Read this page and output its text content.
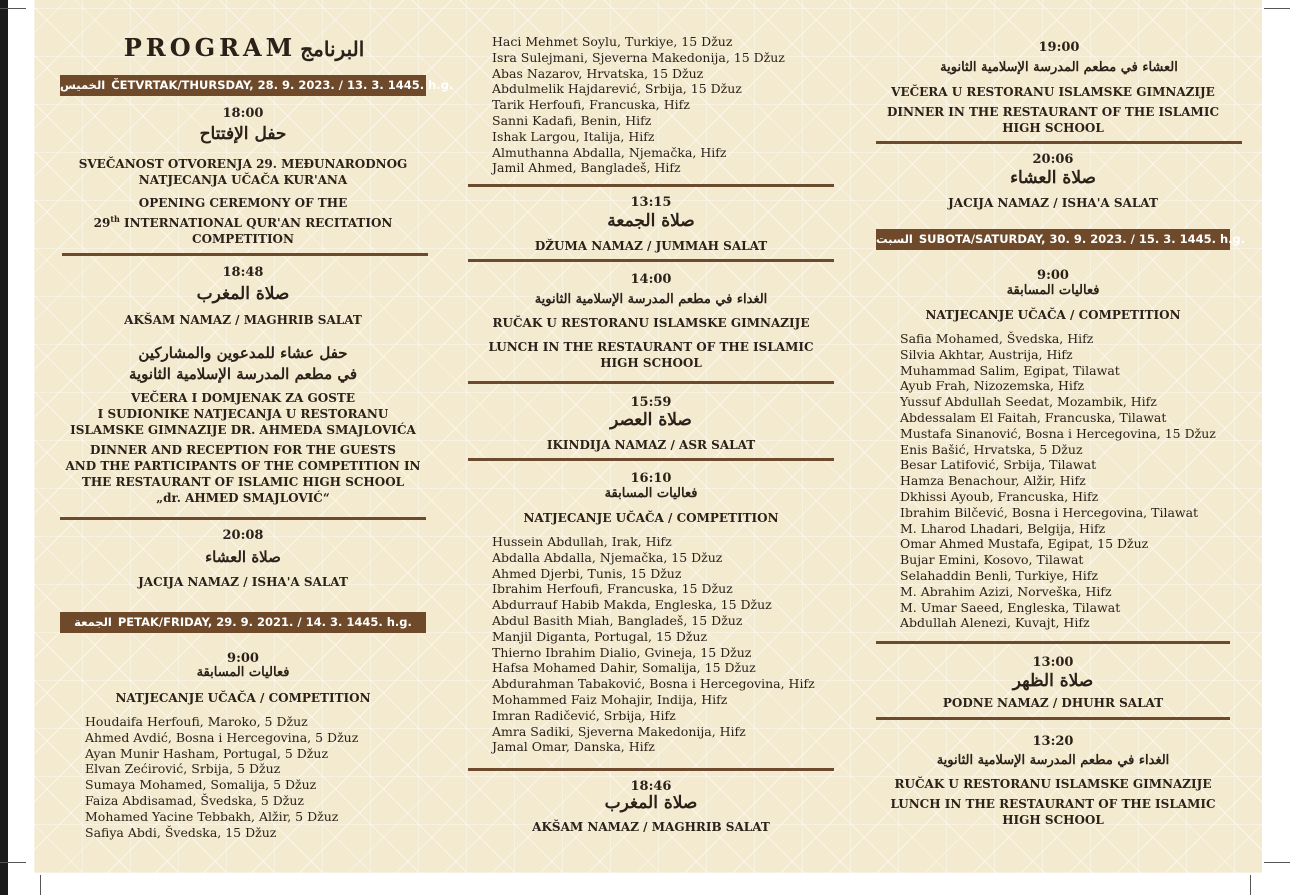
PROGRAM البرنامج
الخميس ČETVRTAK/THURSDAY, 28. 9. 2023. / 13. 3. 1445. h.g.
18:00
حفل الإفتتاح
SVEČANOST OTVORENJA 29. MEĐUNARODNOG
NATJECANJA UČAČA KUR'ANA
OPENING CEREMONY OF THE
29th INTERNATIONAL QUR'AN RECITATION
COMPETITION
18:48
صلاة المغرب
AKŠAM NAMAZ / MAGHRIB SALAT
حفل عشاء للمدعوين والمشاركين
في مطعم المدرسة الإسلامية الثانوية
VEČERA I DOMJENAK ZA GOSTE
I SUDIONIKE NATJECANJA U RESTORANU
ISLAMSKE GIMNAZIJE DR. AHMEDA SMAJLOVIĆA
DINNER AND RECEPTION FOR THE GUESTS
AND THE PARTICIPANTS OF THE COMPETITION IN
THE RESTAURANT OF ISLAMIC HIGH SCHOOL
„dr. AHMED SMAJLOVIĆ“
20:08
صلاة العشاء
JACIJA NAMAZ / ISHA'A SALAT
الجمعة PETAK/FRIDAY, 29. 9. 2021. / 14. 3. 1445. h.g.
9:00
فعاليات المسابقة
NATJECANJE UČAČA / COMPETITION
Houdaifa Herfoufi, Maroko, 5 Džuz
Ahmed Avdić, Bosna i Hercegovina, 5 Džuz
Ayan Munir Hasham, Portugal, 5 Džuz
Elvan Zećirović, Srbija, 5 Džuz
Sumaya Mohamed, Somalija, 5 Džuz
Faiza Abdisamad, Švedska, 5 Džuz
Mohamed Yacine Tebbakh, Alžir, 5 Džuz
Safiya Abdi, Švedska, 15 Džuz
Haci Mehmet Soylu, Turkiye, 15 Džuz
Isra Sulejmani, Sjeverna Makedonija, 15 Džuz
Abas Nazarov, Hrvatska, 15 Džuz
Abdulmelik Hajdarević, Srbija, 15 Džuz
Tarik Herfoufi, Francuska, Hifz
Sanni Kadafi, Benin, Hifz
Ishak Largou, Italija, Hifz
Almuthanna Abdalla, Njemačka, Hifz
Jamil Ahmed, Bangladeš, Hifz
13:15
صلاة الجمعة
DŽUMA NAMAZ / JUMMAH SALAT
14:00
الغداء في مطعم المدرسة الإسلامية الثانوية
RUČAK U RESTORANU ISLAMSKE GIMNAZIJE
LUNCH IN THE RESTAURANT OF THE ISLAMIC
HIGH SCHOOL
15:59
صلاة العصر
IKINDIJA NAMAZ / ASR SALAT
16:10
فعاليات المسابقة
NATJECANJE UČAČA / COMPETITION
Hussein Abdullah, Irak, Hifz
Abdalla Abdalla, Njemačka, 15 Džuz
Ahmed Djerbi, Tunis, 15 Džuz
Ibrahim Herfoufi, Francuska, 15 Džuz
Abdurrauf Habib Makda, Engleska, 15 Džuz
Abdul Basith Miah, Bangladeš, 15 Džuz
Manjil Diganta, Portugal, 15 Džuz
Thierno Ibrahim Dialio, Gvineja, 15 Džuz
Hafsa Mohamed Dahir, Somalija, 15 Džuz
Abdurahman Tabaković, Bosna i Hercegovina, Hifz
Mohammed Faiz Mohajir, Indija, Hifz
Imran Radičević, Srbija, Hifz
Amra Sadiki, Sjeverna Makedonija, Hifz
Jamal Omar, Danska, Hifz
18:46
صلاة المغرب
AKŠAM NAMAZ / MAGHRIB SALAT
19:00
العشاء في مطعم المدرسة الإسلامية الثانوية
VEČERA U RESTORANU ISLAMSKE GIMNAZIJE
DINNER IN THE RESTAURANT OF THE ISLAMIC
HIGH SCHOOL
20:06
صلاة العشاء
JACIJA NAMAZ / ISHA'A SALAT
السبت SUBOTA/SATURDAY, 30. 9. 2023. / 15. 3. 1445. h.g.
9:00
فعاليات المسابقة
NATJECANJE UČAČA / COMPETITION
Safia Mohamed, Švedska, Hifz
Silvia Akhtar, Austrija, Hifz
Muhammad Salim, Egipat, Tilawat
Ayub Frah, Nizozemska, Hifz
Yussuf Abdullah Seedat, Mozambik, Hifz
Abdessalam El Faitah, Francuska, Tilawat
Mustafa Sinanović, Bosna i Hercegovina, 15 Džuz
Enis Bašić, Hrvatska, 5 Džuz
Besar Latifović, Srbija, Tilawat
Hamza Benachour, Alžir, Hifz
Dkhissi Ayoub, Francuska, Hifz
Ibrahim Bilčević, Bosna i Hercegovina, Tilawat
M. Lharod Lhadari, Belgija, Hifz
Omar Ahmed Mustafa, Egipat, 15 Džuz
Bujar Emini, Kosovo, Tilawat
Selahaddin Benli, Turkiye, Hifz
M. Abrahim Azizi, Norveška, Hifz
M. Umar Saeed, Engleska, Tilawat
Abdullah Alenezi, Kuvajt, Hifz
13:00
صلاة الظهر
PODNE NAMAZ / DHUHR SALAT
13:20
الغداء في مطعم المدرسة الإسلامية الثانوية
RUČAK U RESTORANU ISLAMSKE GIMNAZIJE
LUNCH IN THE RESTAURANT OF THE ISLAMIC
HIGH SCHOOL
